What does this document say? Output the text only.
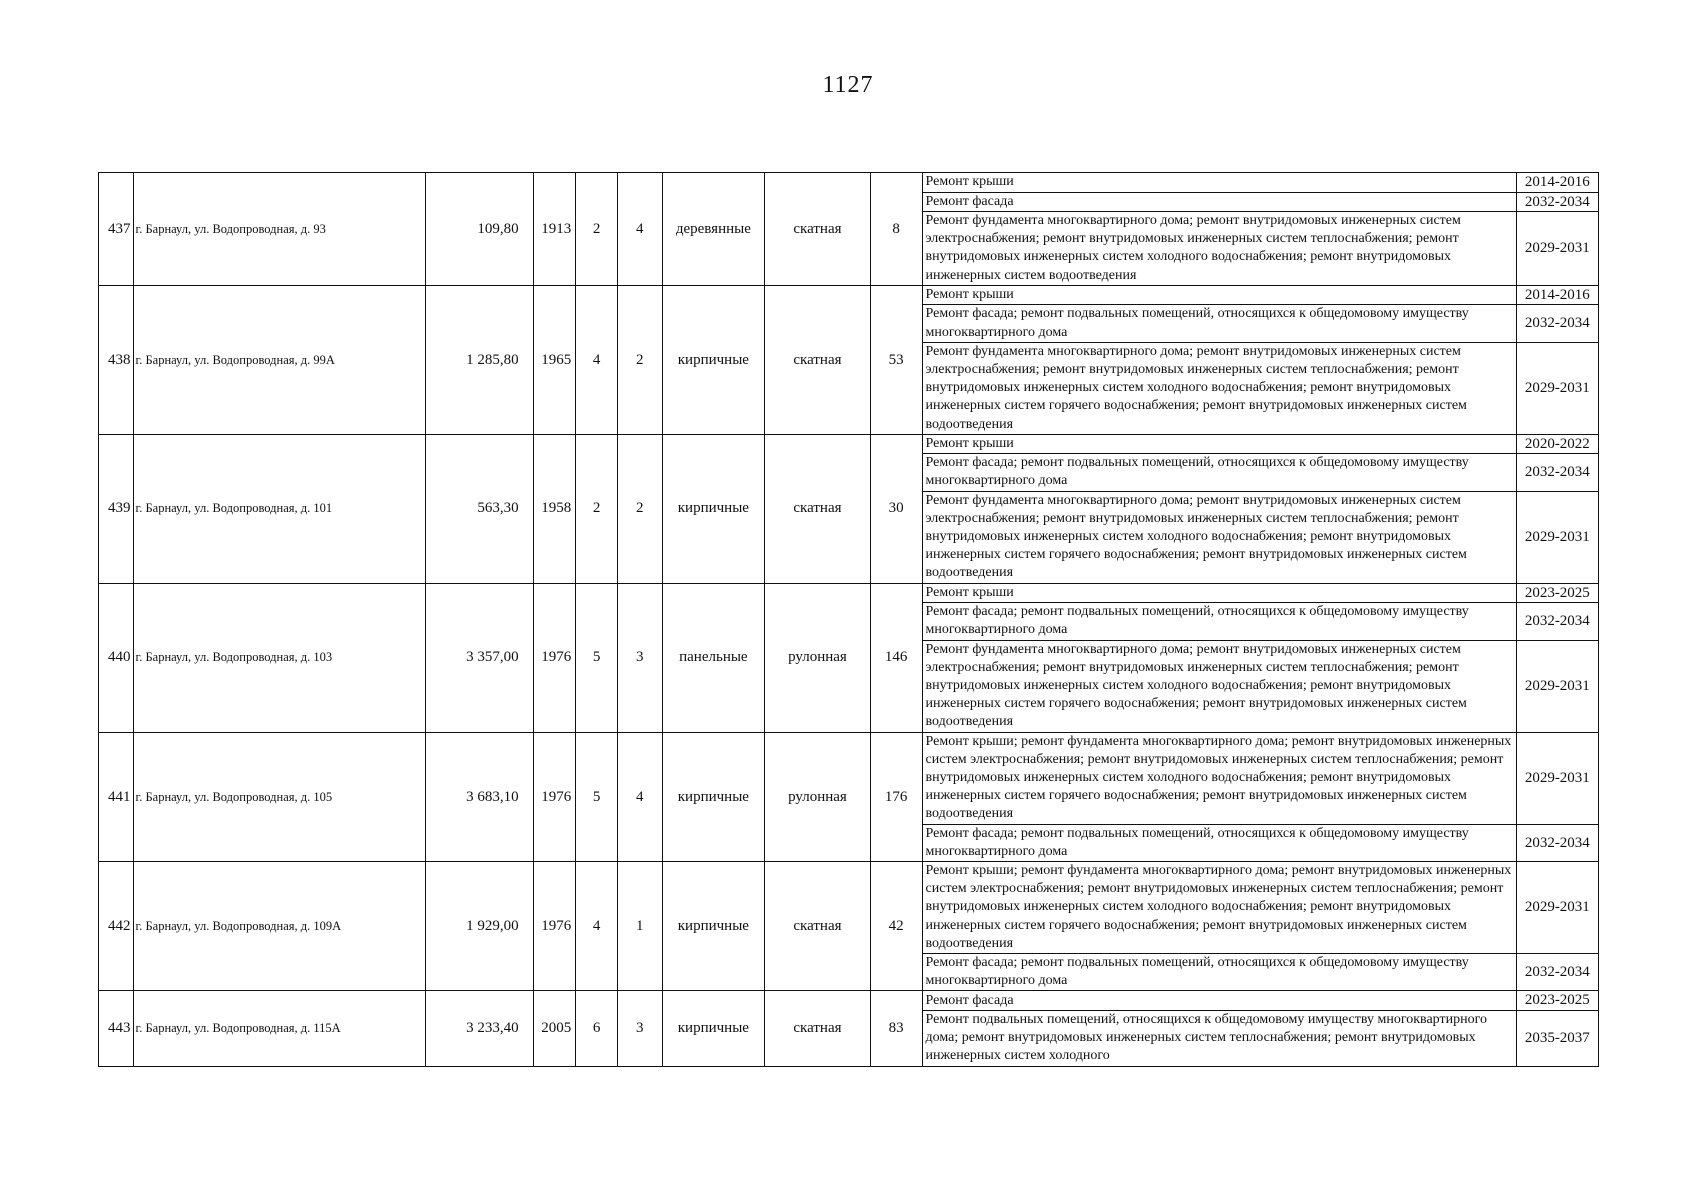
1127
437	г. Барнаул, ул. Водопроводная, д. 93	109,80	1913	2	4	деревянные	скатная	8	Ремонт крыши	2014-2016
									Ремонт фасада	2032-2034
									Ремонт фундамента многоквартирного дома; ремонт внутридомовых инженерных систем электроснабжения; ремонт внутридомовых инженерных систем теплоснабжения; ремонт внутридомовых инженерных систем холодного водоснабжения; ремонт внутридомовых инженерных систем водоотведения	2029-2031
438	г. Барнаул, ул. Водопроводная, д. 99А	1 285,80	1965	4	2	кирпичные	скатная	53	Ремонт крыши	2014-2016
									Ремонт фасада; ремонт подвальных помещений, относящихся к общедомовому имуществу многоквартирного дома	2032-2034
									Ремонт фундамента многоквартирного дома; ремонт внутридомовых инженерных систем электроснабжения; ремонт внутридомовых инженерных систем теплоснабжения; ремонт внутридомовых инженерных систем холодного водоснабжения; ремонт внутридомовых инженерных систем горячего водоснабжения; ремонт внутридомовых инженерных систем водоотведения	2029-2031
439	г. Барнаул, ул. Водопроводная, д. 101	563,30	1958	2	2	кирпичные	скатная	30	Ремонт крыши	2020-2022
									Ремонт фасада; ремонт подвальных помещений, относящихся к общедомовому имуществу многоквартирного дома	2032-2034
									Ремонт фундамента многоквартирного дома; ремонт внутридомовых инженерных систем электроснабжения; ремонт внутридомовых инженерных систем теплоснабжения; ремонт внутридомовых инженерных систем холодного водоснабжения; ремонт внутридомовых инженерных систем горячего водоснабжения; ремонт внутридомовых инженерных систем водоотведения	2029-2031
440	г. Барнаул, ул. Водопроводная, д. 103	3 357,00	1976	5	3	панельные	рулонная	146	Ремонт крыши	2023-2025
									Ремонт фасада; ремонт подвальных помещений, относящихся к общедомовому имуществу многоквартирного дома	2032-2034
									Ремонт фундамента многоквартирного дома; ремонт внутридомовых инженерных систем электроснабжения; ремонт внутридомовых инженерных систем теплоснабжения; ремонт внутридомовых инженерных систем холодного водоснабжения; ремонт внутридомовых инженерных систем горячего водоснабжения; ремонт внутридомовых инженерных систем водоотведения	2029-2031
441	г. Барнаул, ул. Водопроводная, д. 105	3 683,10	1976	5	4	кирпичные	рулонная	176	Ремонт крыши; ремонт фундамента многоквартирного дома; ремонт внутридомовых инженерных систем электроснабжения; ремонт внутридомовых инженерных систем теплоснабжения; ремонт внутридомовых инженерных систем холодного водоснабжения; ремонт внутридомовых инженерных систем горячего водоснабжения; ремонт внутридомовых инженерных систем водоотведения	2029-2031
									Ремонт фасада; ремонт подвальных помещений, относящихся к общедомовому имуществу многоквартирного дома	2032-2034
442	г. Барнаул, ул. Водопроводная, д. 109А	1 929,00	1976	4	1	кирпичные	скатная	42	Ремонт крыши; ремонт фундамента многоквартирного дома; ремонт внутридомовых инженерных систем электроснабжения; ремонт внутридомовых инженерных систем теплоснабжения; ремонт внутридомовых инженерных систем холодного водоснабжения; ремонт внутридомовых инженерных систем горячего водоснабжения; ремонт внутридомовых инженерных систем водоотведения	2029-2031
									Ремонт фасада; ремонт подвальных помещений, относящихся к общедомовому имуществу многоквартирного дома	2032-2034
443	г. Барнаул, ул. Водопроводная, д. 115А	3 233,40	2005	6	3	кирпичные	скатная	83	Ремонт фасада	2023-2025
									Ремонт подвальных помещений, относящихся к общедомовому имуществу многоквартирного дома; ремонт внутридомовых инженерных систем теплоснабжения; ремонт внутридомовых инженерных систем холодного	2035-2037
